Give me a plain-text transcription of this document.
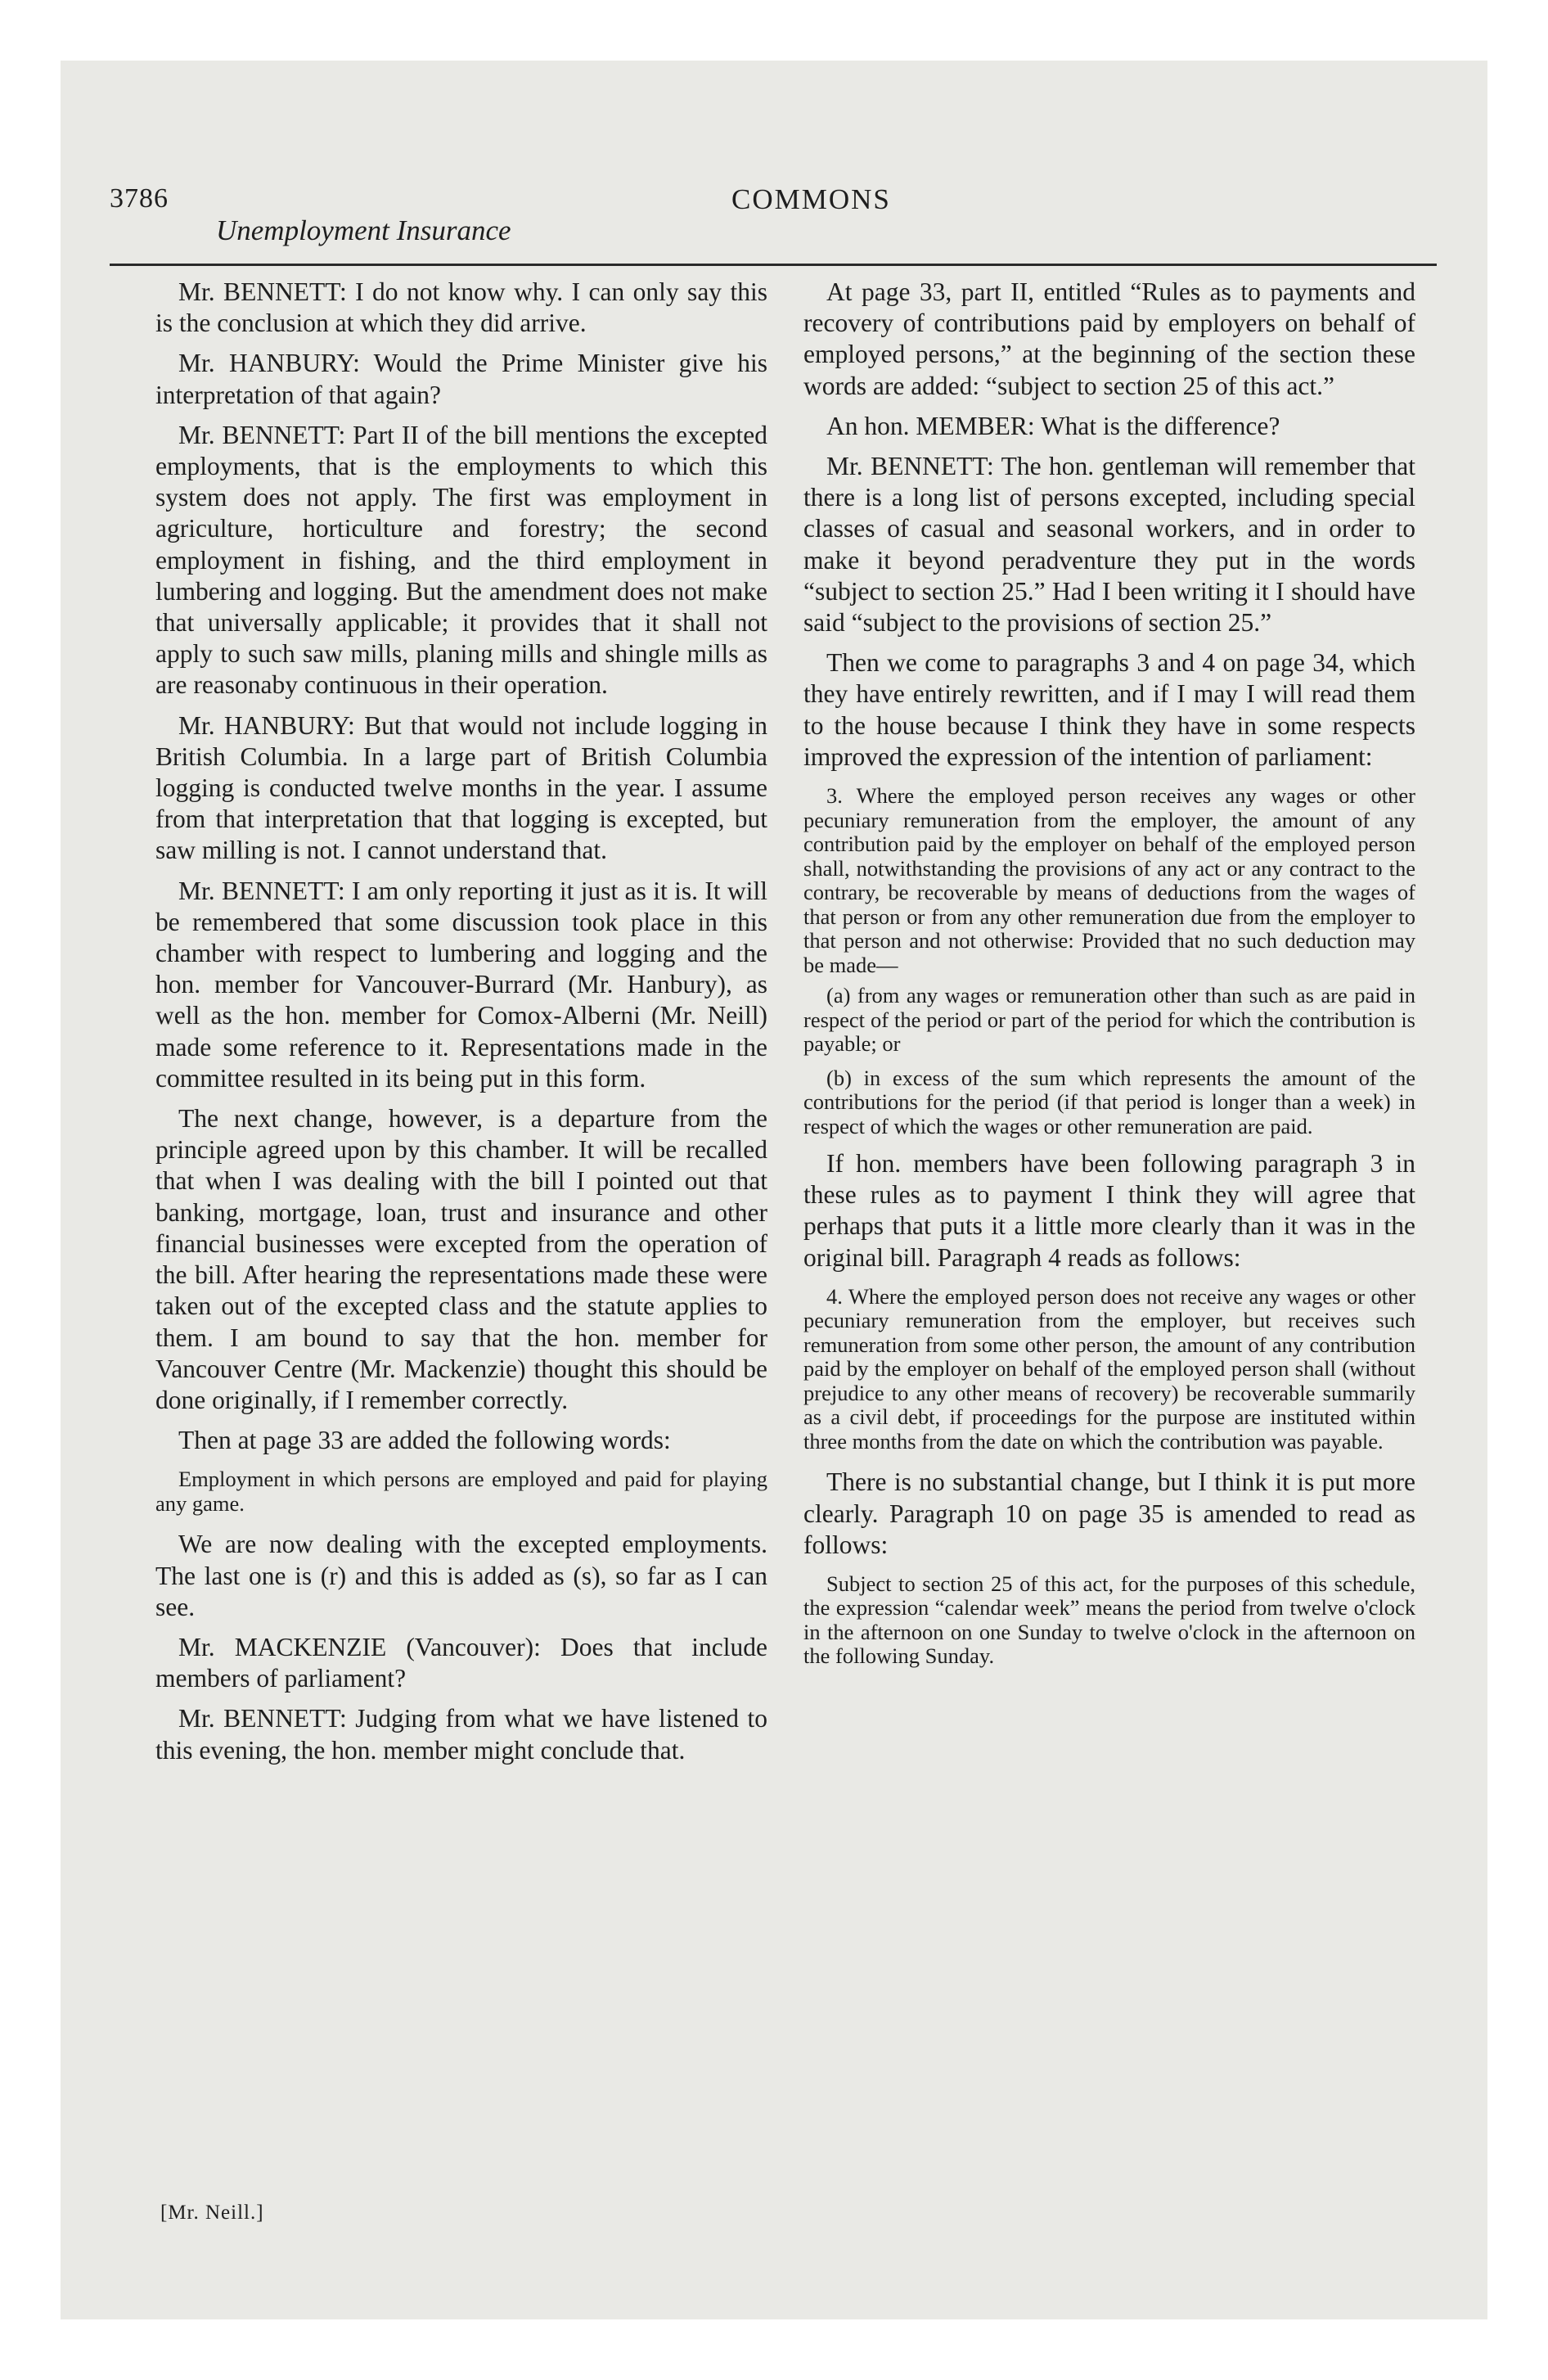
3786
Unemployment Insurance
COMMONS

Mr. BENNETT: I do not know why. I can only say this is the conclusion at which they did arrive.

Mr. HANBURY: Would the Prime Minister give his interpretation of that again?

Mr. BENNETT: Part II of the bill mentions the excepted employments, that is the employments to which this system does not apply. The first was employment in agriculture, horticulture and forestry; the second employment in fishing, and the third employment in lumbering and logging. But the amendment does not make that universally applicable; it provides that it shall not apply to such saw mills, planing mills and shingle mills as are reasonaby continuous in their operation.

Mr. HANBURY: But that would not include logging in British Columbia. In a large part of British Columbia logging is conducted twelve months in the year. I assume from that interpretation that that logging is excepted, but saw milling is not. I cannot understand that.

Mr. BENNETT: I am only reporting it just as it is. It will be remembered that some discussion took place in this chamber with respect to lumbering and logging and the hon. member for Vancouver-Burrard (Mr. Hanbury), as well as the hon. member for Comox-Alberni (Mr. Neill) made some reference to it. Representations made in the committee resulted in its being put in this form.

The next change, however, is a departure from the principle agreed upon by this chamber. It will be recalled that when I was dealing with the bill I pointed out that banking, mortgage, loan, trust and insurance and other financial businesses were excepted from the operation of the bill. After hearing the representations made these were taken out of the excepted class and the statute applies to them. I am bound to say that the hon. member for Vancouver Centre (Mr. Mackenzie) thought this should be done originally, if I remember correctly.

Then at page 33 are added the following words:

Employment in which persons are employed and paid for playing any game.

We are now dealing with the excepted employments. The last one is (r) and this is added as (s), so far as I can see.

Mr. MACKENZIE (Vancouver): Does that include members of parliament?

Mr. BENNETT: Judging from what we have listened to this evening, the hon. member might conclude that.

At page 33, part II, entitled “Rules as to payments and recovery of contributions paid by employers on behalf of employed persons,” at the beginning of the section these words are added: “subject to section 25 of this act.”

An hon. MEMBER: What is the difference?

Mr. BENNETT: The hon. gentleman will remember that there is a long list of persons excepted, including special classes of casual and seasonal workers, and in order to make it beyond peradventure they put in the words “subject to section 25.” Had I been writing it I should have said “subject to the provisions of section 25.”

Then we come to paragraphs 3 and 4 on page 34, which they have entirely rewritten, and if I may I will read them to the house because I think they have in some respects improved the expression of the intention of parliament:

3. Where the employed person receives any wages or other pecuniary remuneration from the employer, the amount of any contribution paid by the employer on behalf of the employed person shall, notwithstanding the provisions of any act or any contract to the contrary, be recoverable by means of deductions from the wages of that person or from any other remuneration due from the employer to that person and not otherwise: Provided that no such deduction may be made—

(a) from any wages or remuneration other than such as are paid in respect of the period or part of the period for which the contribution is payable; or

(b) in excess of the sum which represents the amount of the contributions for the period (if that period is longer than a week) in respect of which the wages or other remuneration are paid.

If hon. members have been following paragraph 3 in these rules as to payment I think they will agree that perhaps that puts it a little more clearly than it was in the original bill. Paragraph 4 reads as follows:

4. Where the employed person does not receive any wages or other pecuniary remuneration from the employer, but receives such remuneration from some other person, the amount of any contribution paid by the employer on behalf of the employed person shall (without prejudice to any other means of recovery) be recoverable summarily as a civil debt, if proceedings for the purpose are instituted within three months from the date on which the contribution was payable.

There is no substantial change, but I think it is put more clearly. Paragraph 10 on page 35 is amended to read as follows:

Subject to section 25 of this act, for the purposes of this schedule, the expression “calendar week” means the period from twelve o'clock in the afternoon on one Sunday to twelve o'clock in the afternoon on the following Sunday.

[Mr. Neill.]
